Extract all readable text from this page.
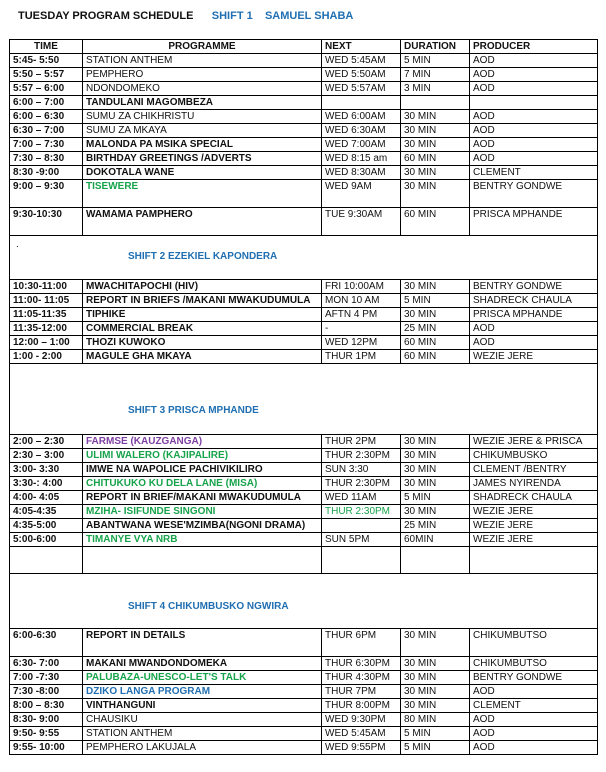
TUESDAY PROGRAM SCHEDULE SHIFT 1 SAMUEL SHABA
TIME	PROGRAMME	NEXT	DURATION	PRODUCER
5:45- 5:50	STATION ANTHEM	WED 5:45AM	5 MIN	AOD
5:50 – 5:57	PEMPHERO	WED 5:50AM	7 MIN	AOD
5:57 – 6:00	NDONDOMEKO	WED 5:57AM	3 MIN	AOD
6:00 – 7:00	TANDULANI MAGOMBEZA			
6:00 – 6:30	SUMU ZA CHIKHRISTU	WED 6:00AM	30 MIN	AOD
6:30 – 7:00	SUMU ZA MKAYA	WED 6:30AM	30 MIN	AOD
7:00 – 7:30	MALONDA PA MSIKA SPECIAL	WED 7:00AM	30 MIN	AOD
7:30 – 8:30	BIRTHDAY GREETINGS /ADVERTS	WED 8:15 am	60 MIN	AOD
8:30 -9:00	DOKOTALA WANE	WED 8:30AM	30 MIN	CLEMENT
9:00 – 9:30	TISEWERE	WED 9AM	30 MIN	BENTRY GONDWE
9:30-10:30	WAMAMA PAMPHERO	TUE 9:30AM	60 MIN	PRISCA MPHANDE

.
SHIFT 2 EZEKIEL KAPONDERA				

10:30-11:00	MWACHITAPOCHI (HIV)	FRI 10:00AM	30 MIN	BENTRY GONDWE
11:00- 11:05	REPORT IN BRIEFS /MAKANI MWAKUDUMULA	MON 10 AM	5 MIN	SHADRECK CHAULA
11:05-11:35	TIPHIKE	AFTN 4 PM	30 MIN	PRISCA MPHANDE
11:35-12:00	COMMERCIAL BREAK	-	25 MIN	AOD
12:00 – 1:00	THOZI KUWOKO	WED 12PM	60 MIN	AOD
1:00 - 2:00	MAGULE GHA MKAYA	THUR 1PM	60 MIN	WEZIE JERE

SHIFT 3 PRISCA MPHANDE				

2:00 – 2:30	FARMSE (KAUZGANGA)	THUR 2PM	30 MIN	WEZIE JERE & PRISCA
2:30 – 3:00	ULIMI WALERO (KAJIPALIRE)	THUR 2:30PM	30 MIN	CHIKUMBUSKO
3:00- 3:30	IMWE NA WAPOLICE PACHIVIKILIRO	SUN 3:30	30 MIN	CLEMENT /BENTRY
3:30-: 4:00	CHITUKUKO KU DELA LANE (MISA)	THUR 2:30PM	30 MIN	JAMES NYIRENDA
4:00- 4:05	REPORT IN BRIEF/MAKANI MWAKUDUMULA	WED 11AM	5 MIN	SHADRECK CHAULA
4:05-4:35	MZIHA- ISIFUNDE SINGONI	THUR 2:30PM	30 MIN	WEZIE JERE
4:35-5:00	ABANTWANA WESE'MZIMBA(NGONI DRAMA)		25 MIN	WEZIE JERE
5:00-6:00	TIMANYE VYA NRB	SUN 5PM	60MIN	WEZIE JERE

SHIFT 4 CHIKUMBUSKO NGWIRA				

6:00-6:30	REPORT IN DETAILS	THUR 6PM	30 MIN	CHIKUMBUTSO
6:30- 7:00	MAKANI MWANDONDOMEKA	THUR 6:30PM	30 MIN	CHIKUMBUTSO
7:00 -7:30	PALUBAZA-UNESCO-LET'S TALK	THUR 4:30PM	30 MIN	BENTRY GONDWE
7:30 -8:00	DZIKO LANGA PROGRAM	THUR 7PM	30 MIN	AOD
8:00 – 8:30	VINTHANGUNI	THUR 8:00PM	30 MIN	CLEMENT
8:30- 9:00	CHAUSIKU	WED 9:30PM	80 MIN	AOD
9:50- 9:55	STATION ANTHEM	WED 5:45AM	5 MIN	AOD
9:55- 10:00	PEMPHERO LAKUJALA	WED 9:55PM	5 MIN	AOD
